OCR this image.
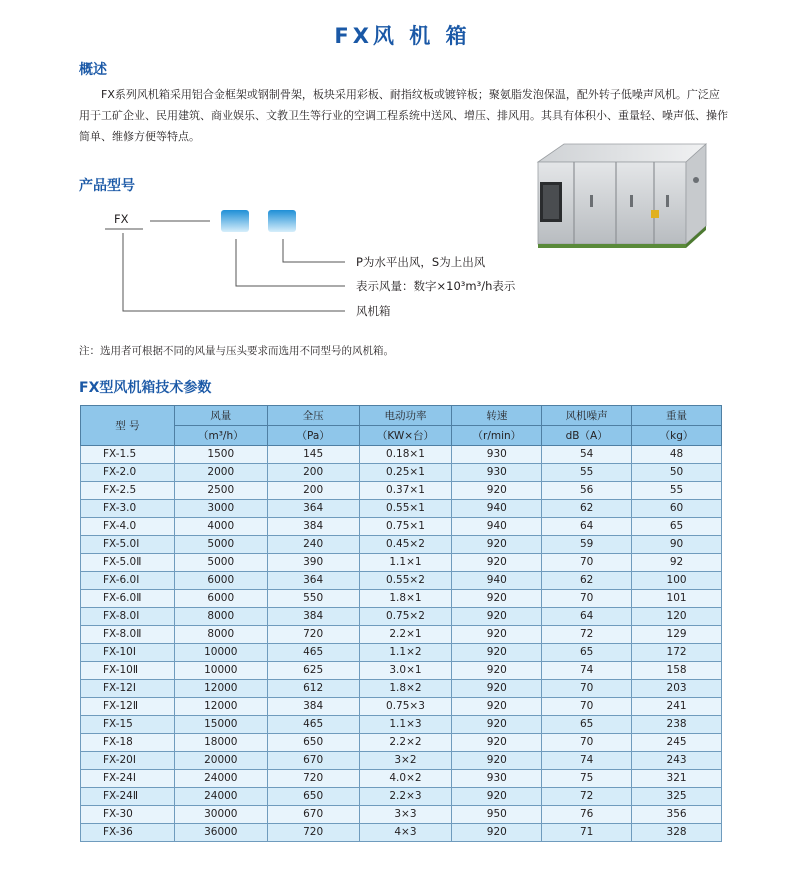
FX风 机 箱
概述
FX系列风机箱采用铝合金框架或钢制骨架，板块采用彩板、耐指纹板或镀锌板；聚氨脂发泡保温，配外转子低噪声风机。广泛应用于工矿企业、民用建筑、商业娱乐、文教卫生等行业的空调工程系统中送风、增压、排风用。其具有体积小、重量轻、噪声低、操作简单、维修方便等特点。
产品型号
FX
P为水平出风，S为上出风
表示风量：数字×10³m³/h表示
风机箱
注：选用者可根据不同的风量与压头要求而选用不同型号的风机箱。
FX型风机箱技术参数
型 号	风量	全压	电动功率	转速	风机噪声	重量
	（m³/h）	（Pa）	（KW×台）	（r/min）	dB（A）	（kg）
FX-1.5	1500	145	0.18×1	930	54	48
FX-2.0	2000	200	0.25×1	930	55	50
FX-2.5	2500	200	0.37×1	920	56	55
FX-3.0	3000	364	0.55×1	940	62	60
FX-4.0	4000	384	0.75×1	940	64	65
FX-5.0Ⅰ	5000	240	0.45×2	920	59	90
FX-5.0Ⅱ	5000	390	1.1×1	920	70	92
FX-6.0Ⅰ	6000	364	0.55×2	940	62	100
FX-6.0Ⅱ	6000	550	1.8×1	920	70	101
FX-8.0Ⅰ	8000	384	0.75×2	920	64	120
FX-8.0Ⅱ	8000	720	2.2×1	920	72	129
FX-10Ⅰ	10000	465	1.1×2	920	65	172
FX-10Ⅱ	10000	625	3.0×1	920	74	158
FX-12Ⅰ	12000	612	1.8×2	920	70	203
FX-12Ⅱ	12000	384	0.75×3	920	70	241
FX-15	15000	465	1.1×3	920	65	238
FX-18	18000	650	2.2×2	920	70	245
FX-20Ⅰ	20000	670	3×2	920	74	243
FX-24Ⅰ	24000	720	4.0×2	930	75	321
FX-24Ⅱ	24000	650	2.2×3	920	72	325
FX-30	30000	670	3×3	950	76	356
FX-36	36000	720	4×3	920	71	328
